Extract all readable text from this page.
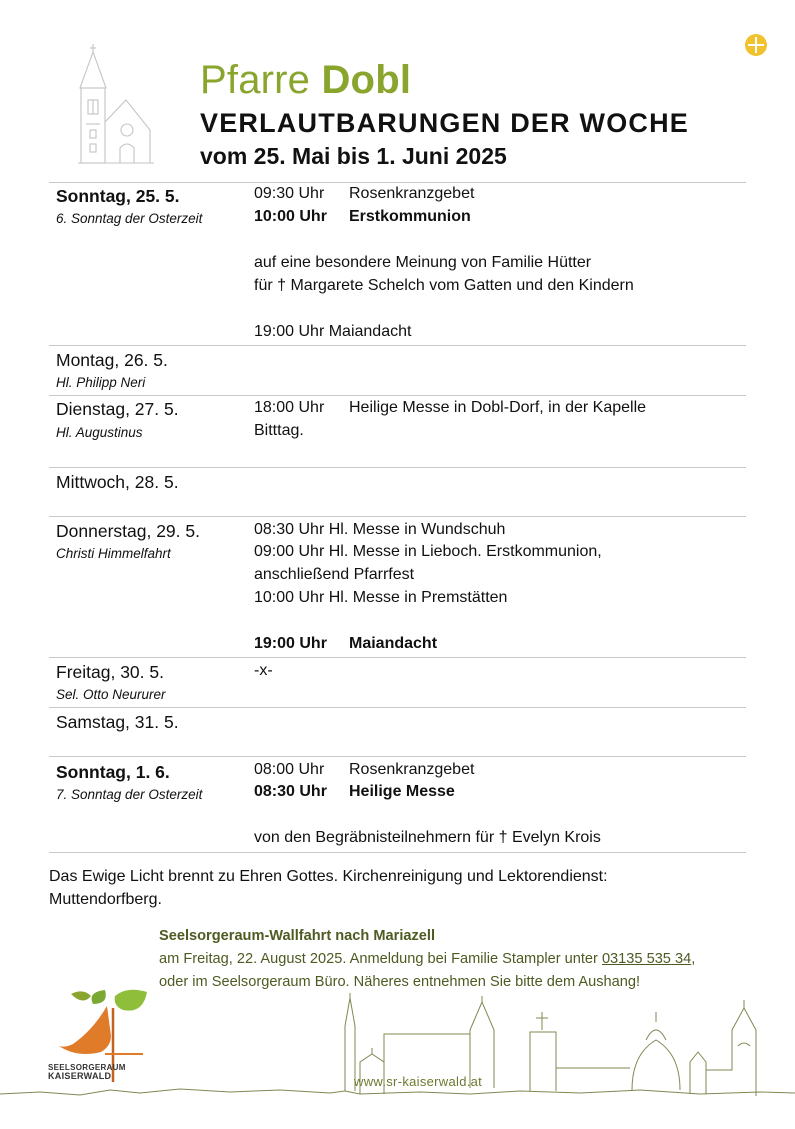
Pfarre Dobl
VERLAUTBARUNGEN DER WOCHE
vom 25. Mai bis 1. Juni 2025
Sonntag, 25. 5.
6. Sonntag der Osterzeit
09:30 Uhr Rosenkranzgebet
10:00 Uhr Erstkommunion
auf eine besondere Meinung von Familie Hütter
für † Margarete Schelch vom Gatten und den Kindern
19:00 Uhr Maiandacht
Montag, 26. 5.
Hl. Philipp Neri
Dienstag, 27. 5.
Hl. Augustinus
18:00 Uhr Heilige Messe in Dobl-Dorf, in der Kapelle
Bitttag.
Mittwoch, 28. 5.
Donnerstag, 29. 5.
Christi Himmelfahrt
08:30 Uhr Hl. Messe in Wundschuh
09:00 Uhr Hl. Messe in Lieboch. Erstkommunion,
anschließend Pfarrfest
10:00 Uhr Hl. Messe in Premstätten
19:00 Uhr Maiandacht
Freitag, 30. 5.
Sel. Otto Neururer
-x-
Samstag, 31. 5.
Sonntag, 1. 6.
7. Sonntag der Osterzeit
08:00 Uhr Rosenkranzgebet
08:30 Uhr Heilige Messe
von den Begräbnisteilnehmern für † Evelyn Krois
Das Ewige Licht brennt zu Ehren Gottes. Kirchenreinigung und Lektorendienst: Muttendorfberg.
Seelsorgeraum-Wallfahrt nach Mariazell
am Freitag, 22. August 2025. Anmeldung bei Familie Stampler unter 03135 535 34,
oder im Seelsorgeraum Büro. Näheres entnehmen Sie bitte dem Aushang!
SEELSORGERAUM
KAISERWALD	www.sr-kaiserwald.at
